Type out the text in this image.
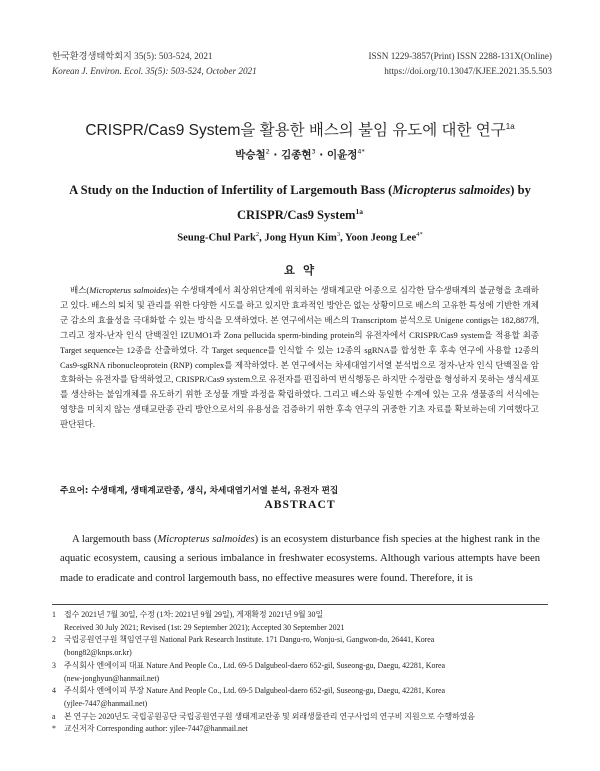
한국환경생태학회지 35(5): 503-524, 2021
Korean J. Environ. Ecol. 35(5): 503-524, October 2021
ISSN 1229-3857(Print) ISSN 2288-131X(Online)
https://doi.org/10.13047/KJEE.2021.35.5.503
CRISPR/Cas9 System을 활용한 배스의 불임 유도에 대한 연구$^{1a}$
박승철$^2$ · 김종현$^3$ · 이윤정$^{4*}$
A Study on the Induction of Infertility of Largemouth Bass (Micropterus salmoides) by CRISPR/Cas9 System$^{1a}$
Seung-Chul Park$^2$, Jong Hyun Kim$^3$, Yoon Jeong Lee$^{4*}$
요 약
배스(Micropterus salmoides)는 수생태계에서 최상위단계에 위치하는 생태계교란 어종으로 심각한 담수생태계의 불균형을 초래하고 있다. 배스의 퇴치 및 관리를 위한 다양한 시도를 하고 있지만 효과적인 방안은 없는 상황이므로 배스의 고유한 특성에 기반한 개체군 감소의 효율성을 극대화할 수 있는 방식을 모색하였다. 본 연구에서는 배스의 Transcriptom 분석으로 Unigene contigs는 182,887개, 그리고 정자-난자 인식 단백질인 IZUMO1과 Zona pellucida sperm-binding protein의 유전자에서 CRISPR/Cas9 system을 적용할 최종 Target sequence는 12종을 산출하였다. 각 Target sequence를 인식할 수 있는 12종의 sgRNA를 합성한 후 후속 연구에 사용할 12종의 Cas9-sgRNA ribonucleoprotein (RNP) complex를 제작하였다. 본 연구에서는 차세대염기서열 분석법으로 정자-난자 인식 단백질을 암호화하는 유전자를 탐색하였고, CRISPR/Cas9 system으로 유전자를 편집하여 번식행동은 하지만 수정란을 형성하지 못하는 생식세포를 생산하는 불임개체를 유도하기 위한 조성물 개발 과정을 확립하였다. 그리고 배스와 동일한 수계에 있는 고유 생물종의 서식에는 영향을 미치지 않는 생태교란종 관리 방안으로서의 유용성을 검증하기 위한 후속 연구의 귀중한 기초 자료를 확보하는데 기여했다고 판단된다.
주요어: 수생태계, 생태계교란종, 생식, 차세대염기서열 분석, 유전자 편집
ABSTRACT
A largemouth bass (Micropterus salmoides) is an ecosystem disturbance fish species at the highest rank in the aquatic ecosystem, causing a serious imbalance in freshwater ecosystems. Although various attempts have been made to eradicate and control largemouth bass, no effective measures were found. Therefore, it is
1	접수 2021년 7월 30일, 수정 (1차: 2021년 9월 29일), 게재확정 2021년 9월 30일
Received 30 July 2021; Revised (1st: 29 September 2021); Accepted 30 September 2021
2	국립공원연구원 책임연구원 National Park Research Institute. 171 Dangu-ro, Wonju-si, Gangwon-do, 26441, Korea
(bong82@knps.or.kr)
3	주식회사 엔에이피 대표 Nature And People Co., Ltd. 69-5 Dalgubeol-daero 652-gil, Suseong-gu, Daegu, 42281, Korea
(new-jonghyun@hanmail.net)
4	주식회사 엔에이피 부장 Nature And People Co., Ltd. 69-5 Dalgubeol-daero 652-gil, Suseong-gu, Daegu, 42281, Korea
(yjlee-7447@hanmail.net)
a	본 연구는 2020년도 국립공원공단 국립공원연구원 생태계교란종 및 외래생물관리 연구사업의 연구비 지원으로 수행하였음
*	교신저자 Corresponding author: yjlee-7447@hanmail.net
